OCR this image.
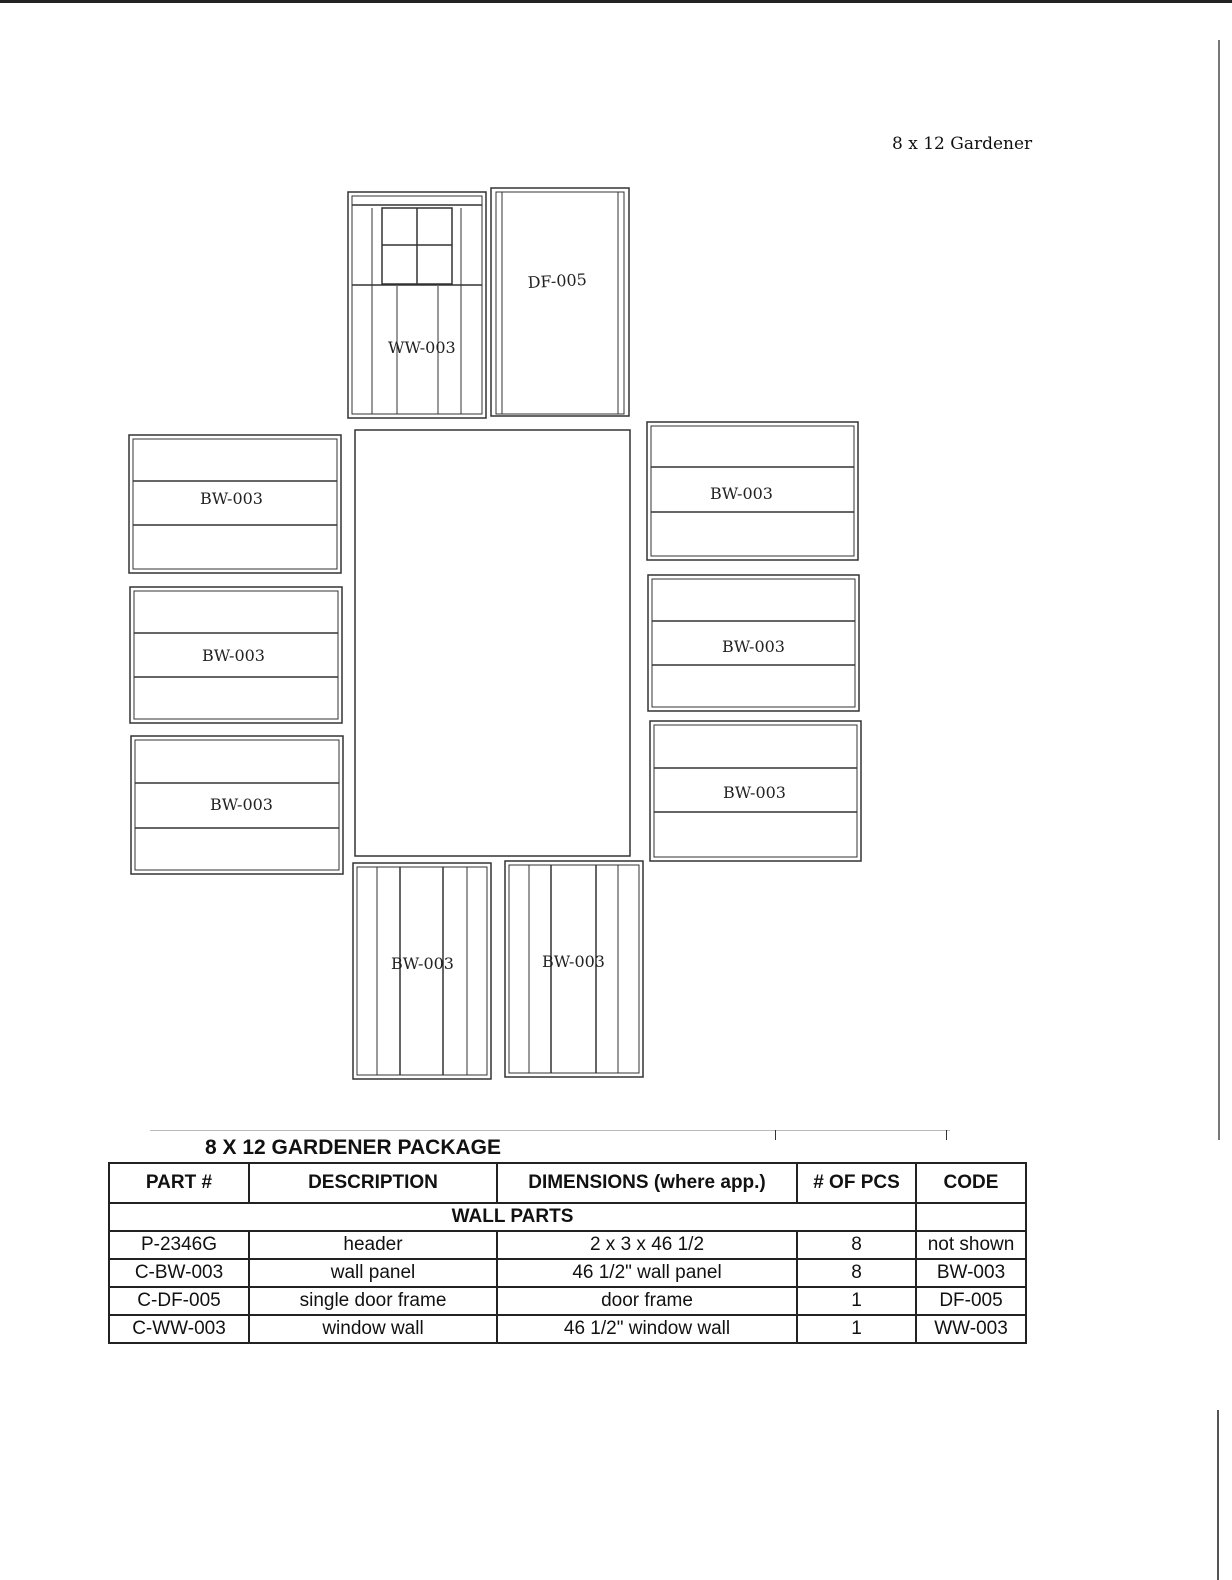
8 x 12 Gardener
WW-003
DF-005
BW-003
BW-003
BW-003
BW-003
BW-003
BW-003
BW-003	BW-003
8 X 12 GARDENER PACKAGE
PART #	DESCRIPTION	DIMENSIONS (where app.)	# OF PCS	CODE
WALL PARTS				
P-2346G	header	2 x 3 x 46 1/2	8	not shown
C-BW-003	wall panel	46 1/2" wall panel	8	BW-003
C-DF-005	single door frame	door frame	1	DF-005
C-WW-003	window wall	46 1/2" window wall	1	WW-003
